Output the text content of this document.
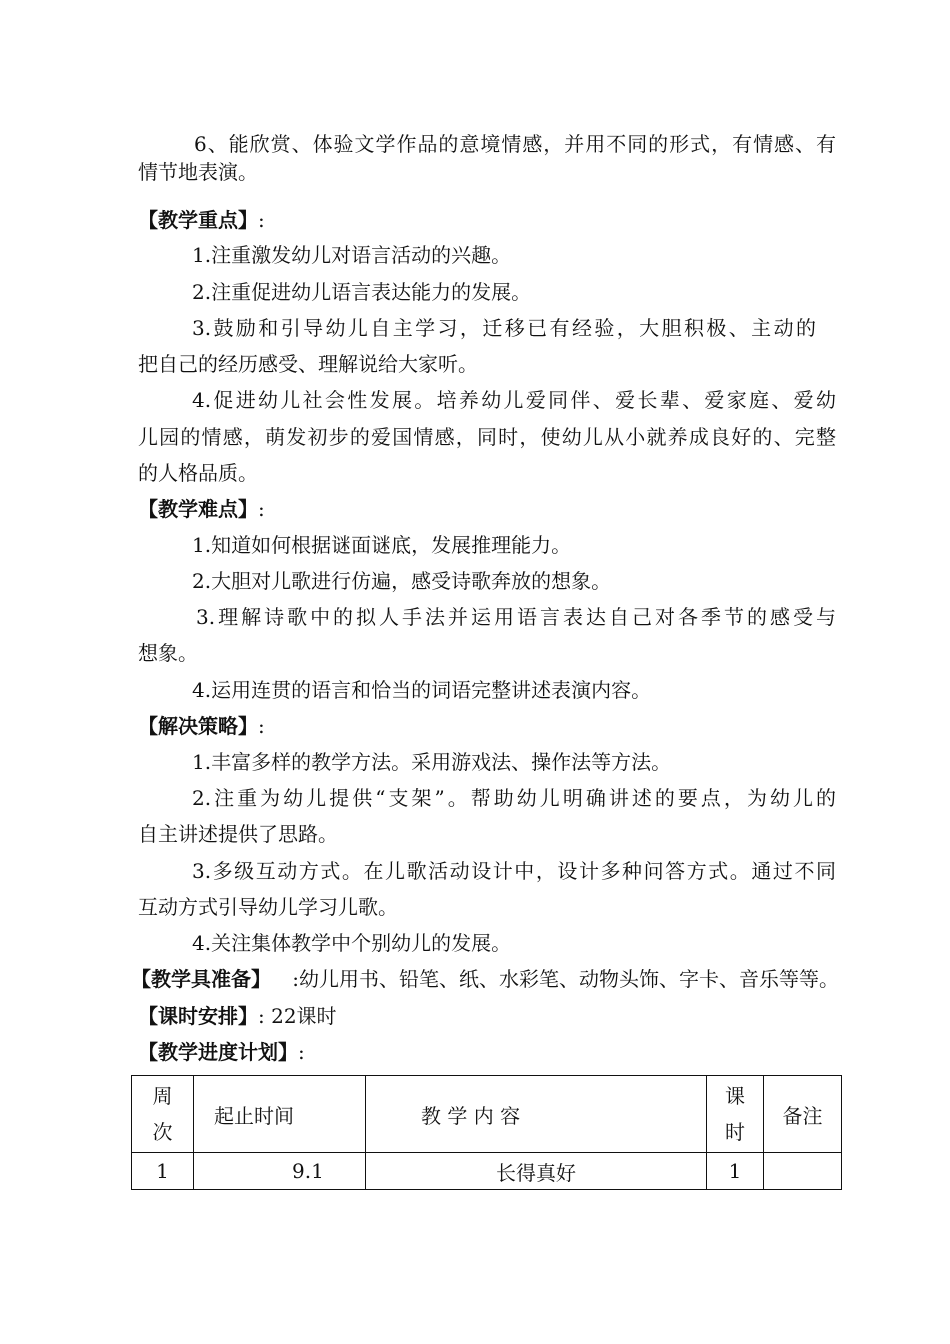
6、能欣赏、体验文学作品的意境情感，并用不同的形式，有情感、有
情节地表演。
【教学重点】:
1.注重激发幼儿对语言活动的兴趣。
2.注重促进幼儿语言表达能力的发展。
3.鼓励和引导幼儿自主学习，迁移已有经验，大胆积极、主动的
把自己的经历感受、理解说给大家听。
4.促进幼儿社会性发展。培养幼儿爱同伴、爱长辈、爱家庭、爱幼
儿园的情感，萌发初步的爱国情感，同时，使幼儿从小就养成良好的、完整
的人格品质。
【教学难点】:
1.知道如何根据谜面谜底，发展推理能力。
2.大胆对儿歌进行仿遍，感受诗歌奔放的想象。
3.理解诗歌中的拟人手法并运用语言表达自己对各季节的感受与
想象。
4.运用连贯的语言和恰当的词语完整讲述表演内容。
【解决策略】:
1.丰富多样的教学方法。采用游戏法、操作法等方法。
2.注重为幼儿提供“支架”。帮助幼儿明确讲述的要点，为幼儿的
自主讲述提供了思路。
3.多级互动方式。在儿歌活动设计中，设计多种问答方式。通过不同
互动方式引导幼儿学习儿歌。
4.关注集体教学中个别幼儿的发展。
【教学具准备】 :幼儿用书、铅笔、纸、水彩笔、动物头饰、字卡、音乐等等。
【课时安排】: 22课时
【教学进度计划】:
周次	起止时间	教 学 内 容	课时	备注
1	9.1	长得真好	1	
